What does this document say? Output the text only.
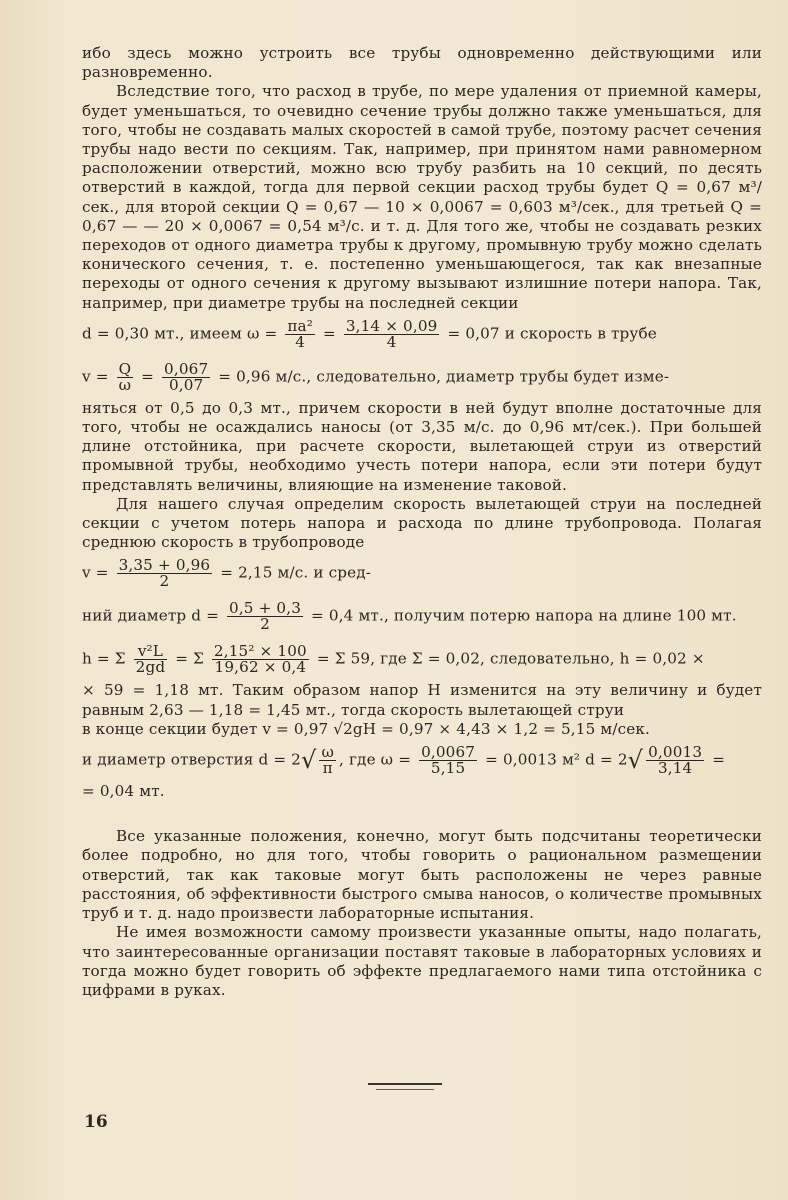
ибо здесь можно устроить все трубы одновременно действующими или разновременно.

Вследствие того, что расход в трубе, по мере удаления от приемной камеры, будет уменьшаться, то очевидно сечение трубы должно также уменьшаться, для того, чтобы не создавать малых скоростей в самой трубе, поэтому расчет сечения трубы надо вести по секциям. Так, например, при принятом нами равномерном расположении отверстий, можно всю трубу разбить на 10 секций, по десять отверстий в каждой, тогда для первой секции расход трубы будет Q = 0,67 м³/сек., для второй секции Q = 0,67 — 10 × 0,0067 = 0,603 м³/сек., для третьей Q = 0,67 — — 20 × 0,0067 = 0,54 м³/с. и т. д. Для того же, чтобы не создавать резких переходов от одного диаметра трубы к другому, промывную трубу можно сделать конического сечения, т. е. постепенно уменьшающегося, так как внезапные переходы от одного сечения к другому вызывают излишние потери напора. Так, например, при диаметре трубы на последней секции

d = 0,30 мт., имеем $\omega = \frac{\text{πa²}}{4} = \frac{3,14 \times 0,09}{4} = 0,07$ и скорость в трубе

$v = \frac{Q}{\omega} = \frac{0,067}{0,07} = 0,96$ м/с., следовательно, диаметр трубы будет изме-

няться от 0,5 до 0,3 мт., причем скорости в ней будут вполне достаточные для того, чтобы не осаждались наносы (от 3,35 м/с. до 0,96 мт/сек.). При большей длине отстойника, при расчете скорости, вылетающей струи из отверстий промывной трубы, необходимо учесть потери напора, если эти потери будут представлять величины, влияющие на изменение таковой.

Для нашего случая определим скорость вылетающей струи на последней секции с учетом потерь напора и расхода по длине трубопровода. Полагая среднюю скорость в трубопроводе

$v = \frac{3,35 + 0,96}{2} = 2,15$ м/с. и сред-

ний диаметр $d = \frac{0,5 + 0,3}{2} = 0,4$ мт., получим потерю напора на длине 100 мт.

h = Σ $\frac{\text{v²L}}{2gd} = \Sigma \frac{\text{2,15² × 100}}{19,62 \times 0,4} = \Sigma$ 59, где Σ = 0,02, следовательно, h = 0,02 ×

× 59 = 1,18 мт. Таким образом напор H изменится на эту величину и будет равным 2,63 — 1,18 = 1,45 мт., тогда скорость вылетающей струи

в конце секции будет v = 0,97 √2gH = 0,97 × 4,43 × 1,2 = 5,15 м/сек.

и диаметр отверстия $d = 2√ \frac{\omega}{\pi}$ , где $\omega = \frac{0,0067}{5,15} = 0,0013$ м² $d = 2√ \frac{0,0013}{3,14}$ =

= 0,04 мт.

Все указанные положения, конечно, могут быть подсчитаны теоретически более подробно, но для того, чтобы говорить о рациональном размещении отверстий, так как таковые могут быть расположены не через равные расстояния, об эффективности быстрого смыва наносов, о количестве промывных труб и т. д. надо произвести лабораторные испытания.

Не имея возможности самому произвести указанные опыты, надо полагать, что заинтересованные организации поставят таковые в лабораторных условиях и тогда можно будет говорить об эффекте предлагаемого нами типа отстойника с цифрами в руках.

16
